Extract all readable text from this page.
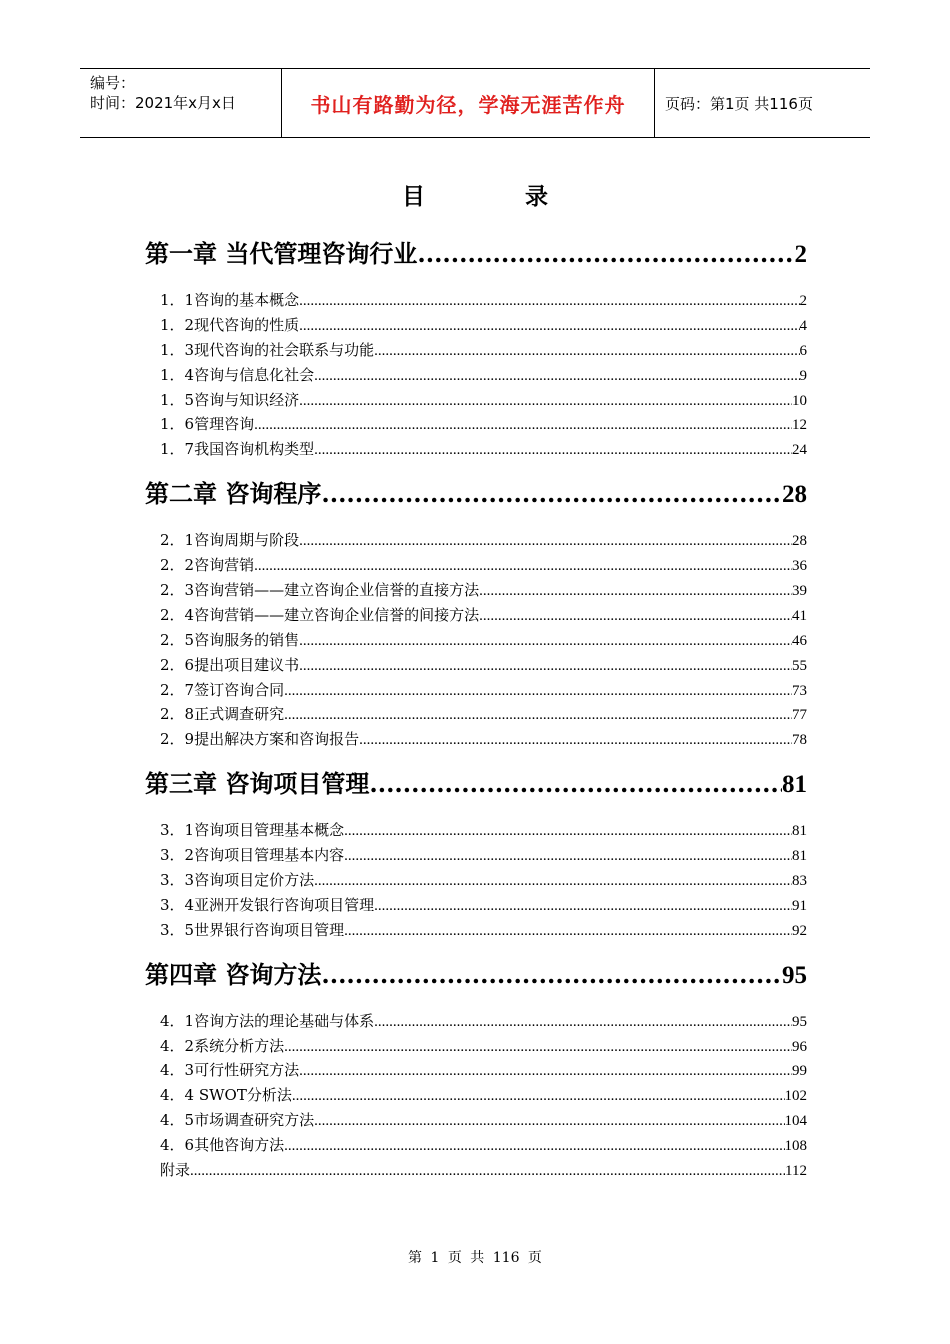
编号：
时间：2021年x月x日	书山有路勤为径，学海无涯苦作舟	页码：第1页 共116页
目录
第一章 当代管理咨询行业 .....	2
1．1咨询的基本概念 .....	2
1．2现代咨询的性质 .....	4
1．3现代咨询的社会联系与功能 .....	6
1．4咨询与信息化社会 .....	9
1．5咨询与知识经济 .....	10
1．6管理咨询 .....	12
1．7我国咨询机构类型 .....	24
第二章 咨询程序 .....	28
2．1咨询周期与阶段 .....	28
2．2咨询营销 .....	36
2．3咨询营销——建立咨询企业信誉的直接方法 .....	39
2．4咨询营销——建立咨询企业信誉的间接方法 .....	41
2．5咨询服务的销售 .....	46
2．6提出项目建议书 .....	55
2．7签订咨询合同 .....	73
2．8正式调查研究 .....	77
2．9提出解决方案和咨询报告 .....	78
第三章 咨询项目管理 .....	81
3．1咨询项目管理基本概念 .....	81
3．2咨询项目管理基本内容 .....	81
3．3咨询项目定价方法 .....	83
3．4亚洲开发银行咨询项目管理 .....	91
3．5世界银行咨询项目管理 .....	92
第四章 咨询方法 .....	95
4．1咨询方法的理论基础与体系 .....	95
4．2系统分析方法 .....	96
4．3可行性研究方法 .....	99
4．4 SWOT分析法 .....	102
4．5市场调查研究方法 .....	104
4．6其他咨询方法 .....	108
附录 .....	112
第 1 页 共 116 页
